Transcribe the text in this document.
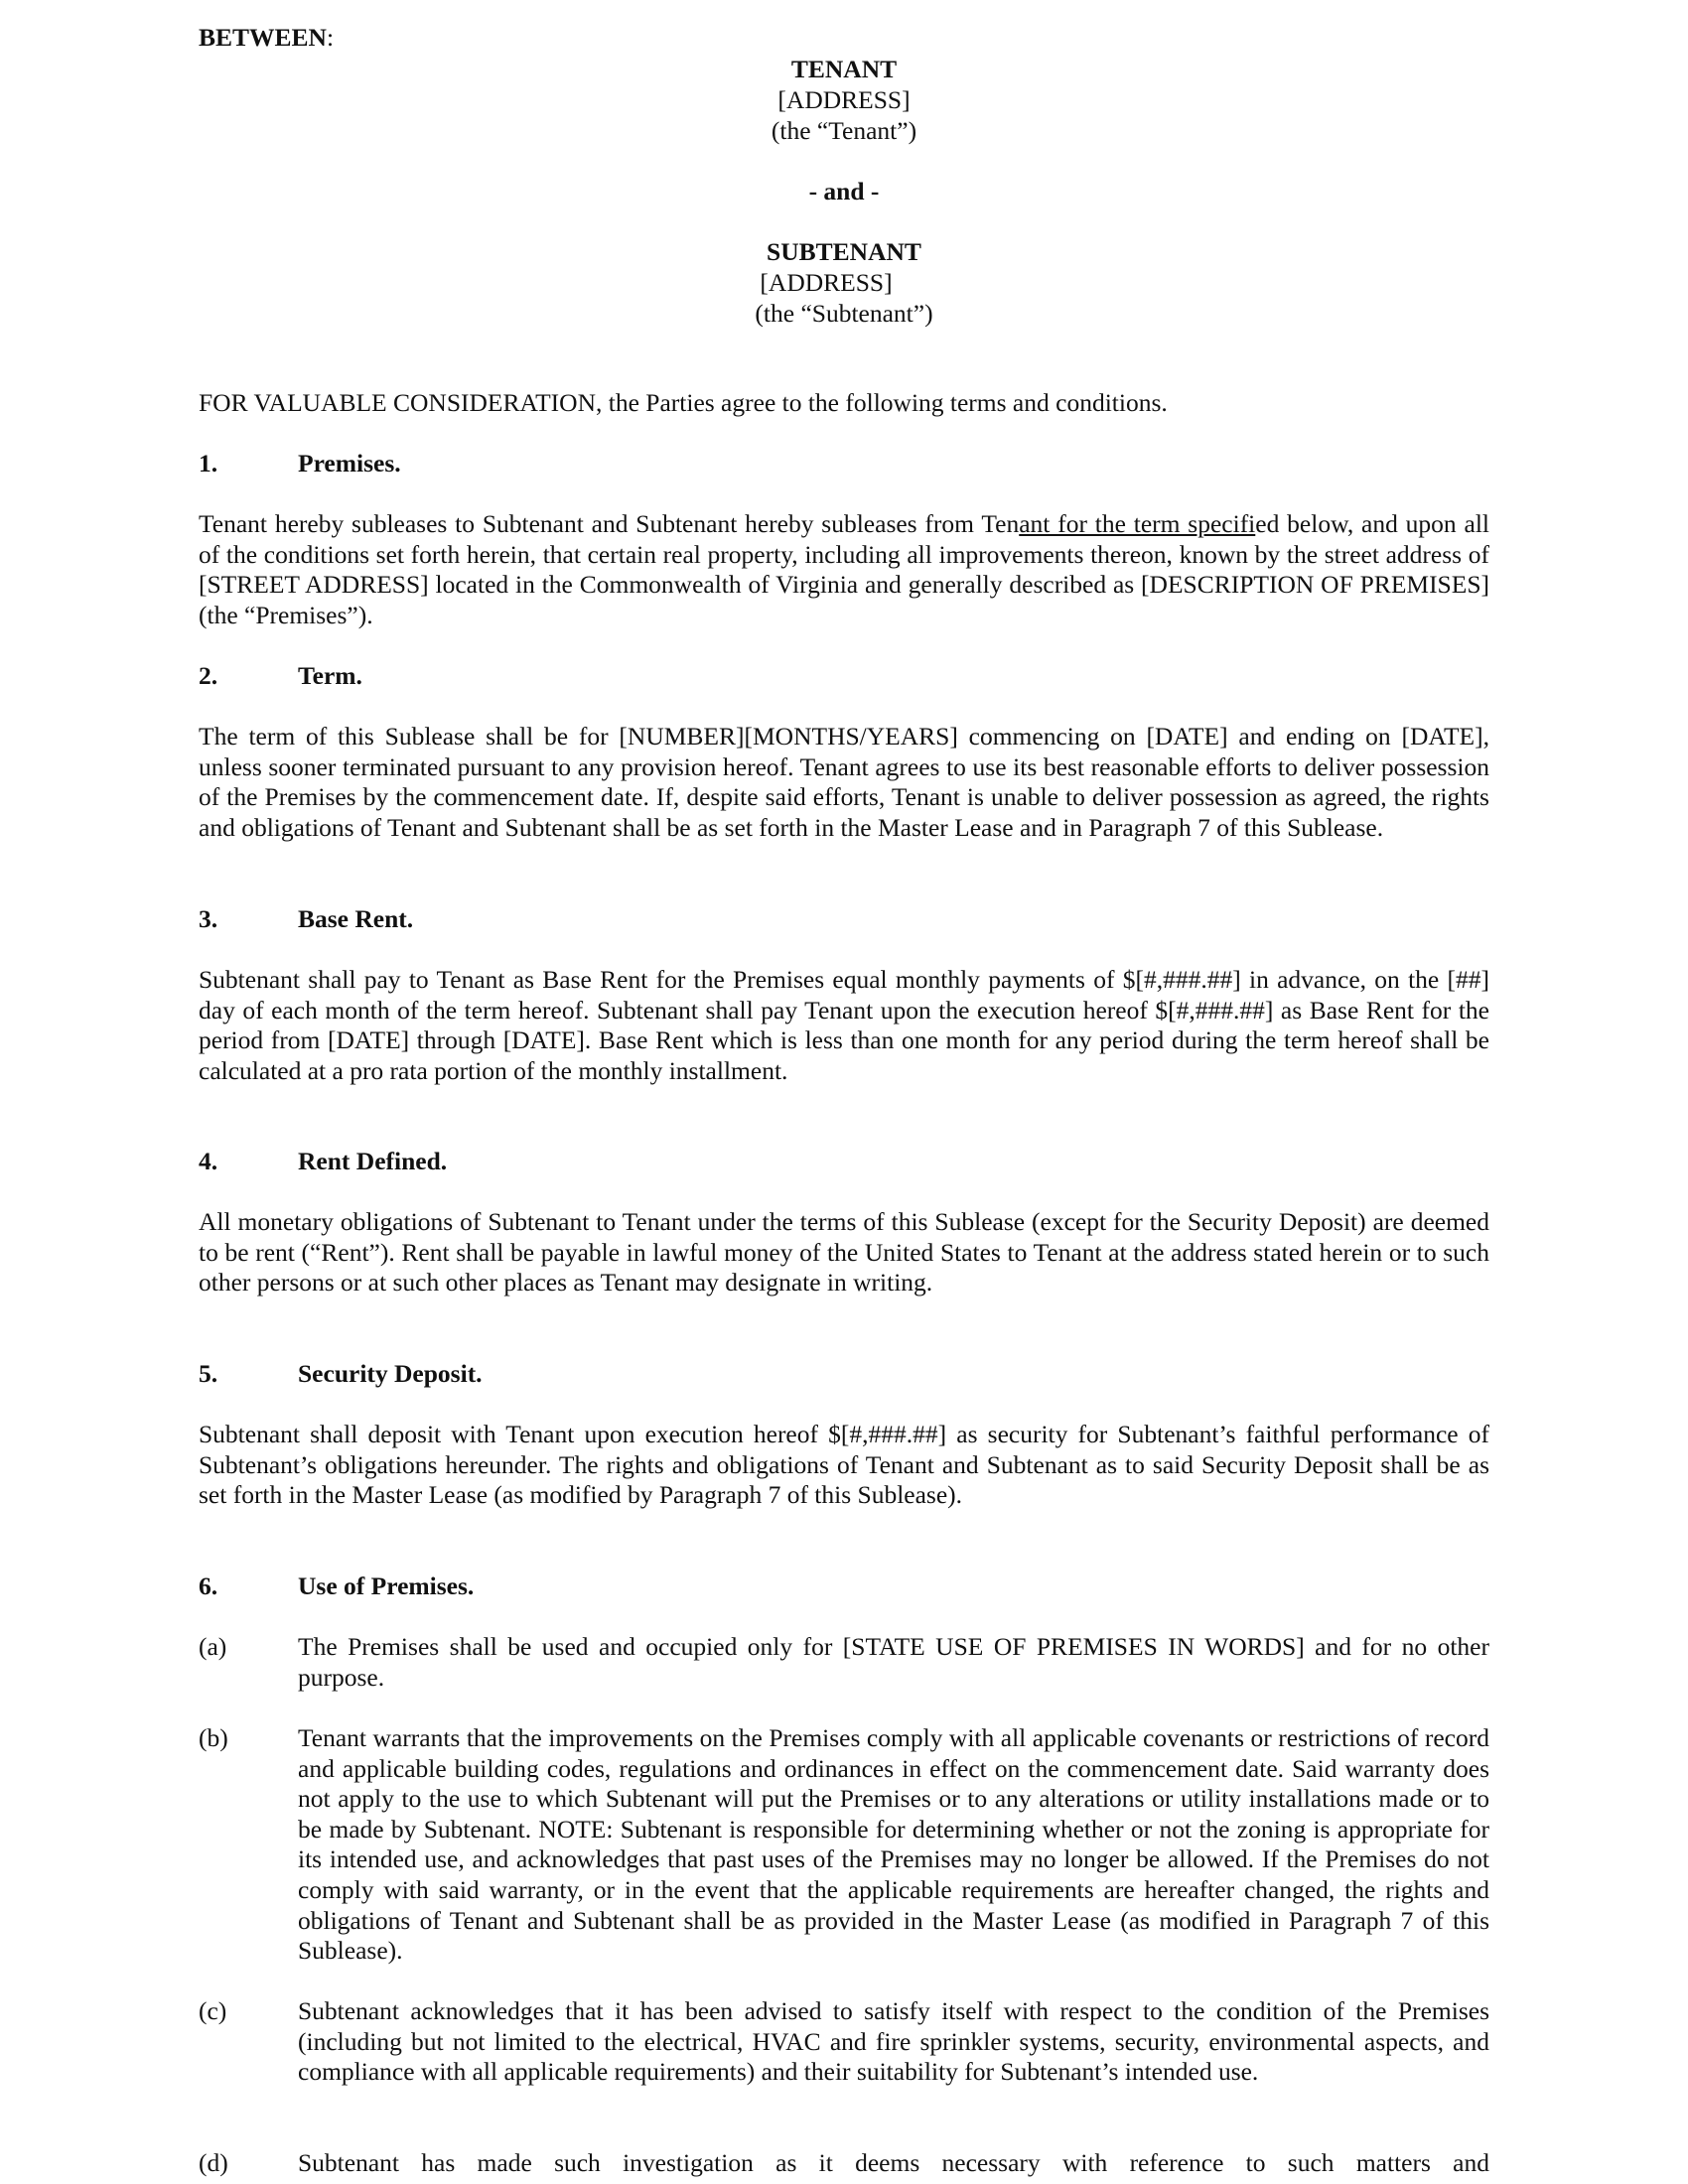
BETWEEN:
TENANT
[ADDRESS]
(the “Tenant”)
- and -
SUBTENANT
[ADDRESS]
(the “Subtenant”)
FOR VALUABLE CONSIDERATION, the Parties agree to the following terms and conditions.
1.	Premises.
Tenant hereby subleases to Subtenant and Subtenant hereby subleases from Tenant for the term specified below, and upon all of the conditions set forth herein, that certain real property, including all improvements thereon, known by the street address of [STREET ADDRESS] located in the Commonwealth of Virginia and generally described as [DESCRIPTION OF PREMISES] (the “Premises”).
2.	Term.
The term of this Sublease shall be for [NUMBER][MONTHS/YEARS] commencing on [DATE] and ending on [DATE], unless sooner terminated pursuant to any provision hereof. Tenant agrees to use its best reasonable efforts to deliver possession of the Premises by the commencement date. If, despite said efforts, Tenant is unable to deliver possession as agreed, the rights and obligations of Tenant and Subtenant shall be as set forth in the Master Lease and in Paragraph 7 of this Sublease.
3.	Base Rent.
Subtenant shall pay to Tenant as Base Rent for the Premises equal monthly payments of $[#,###.##] in advance, on the [##] day of each month of the term hereof. Subtenant shall pay Tenant upon the execution hereof $[#,###.##] as Base Rent for the period from [DATE] through [DATE]. Base Rent which is less than one month for any period during the term hereof shall be calculated at a pro rata portion of the monthly installment.
4.	Rent Defined.
All monetary obligations of Subtenant to Tenant under the terms of this Sublease (except for the Security Deposit) are deemed to be rent (“Rent”). Rent shall be payable in lawful money of the United States to Tenant at the address stated herein or to such other persons or at such other places as Tenant may designate in writing.
5.	Security Deposit.
Subtenant shall deposit with Tenant upon execution hereof $[#,###.##] as security for Subtenant’s faithful performance of Subtenant’s obligations hereunder. The rights and obligations of Tenant and Subtenant as to said Security Deposit shall be as set forth in the Master Lease (as modified by Paragraph 7 of this Sublease).
6.	Use of Premises.
(a)	The Premises shall be used and occupied only for [STATE USE OF PREMISES IN WORDS] and for no other purpose.
(b)	Tenant warrants that the improvements on the Premises comply with all applicable covenants or restrictions of record and applicable building codes, regulations and ordinances in effect on the commencement date. Said warranty does not apply to the use to which Subtenant will put the Premises or to any alterations or utility installations made or to be made by Subtenant. NOTE: Subtenant is responsible for determining whether or not the zoning is appropriate for its intended use, and acknowledges that past uses of the Premises may no longer be allowed. If the Premises do not comply with said warranty, or in the event that the applicable requirements are hereafter changed, the rights and obligations of Tenant and Subtenant shall be as provided in the Master Lease (as modified in Paragraph 7 of this Sublease).
(c)	Subtenant acknowledges that it has been advised to satisfy itself with respect to the condition of the Premises (including but not limited to the electrical, HVAC and fire sprinkler systems, security, environmental aspects, and compliance with all applicable requirements) and their suitability for Subtenant’s intended use.
(d)	Subtenant has made such investigation as it deems necessary with reference to such matters and
